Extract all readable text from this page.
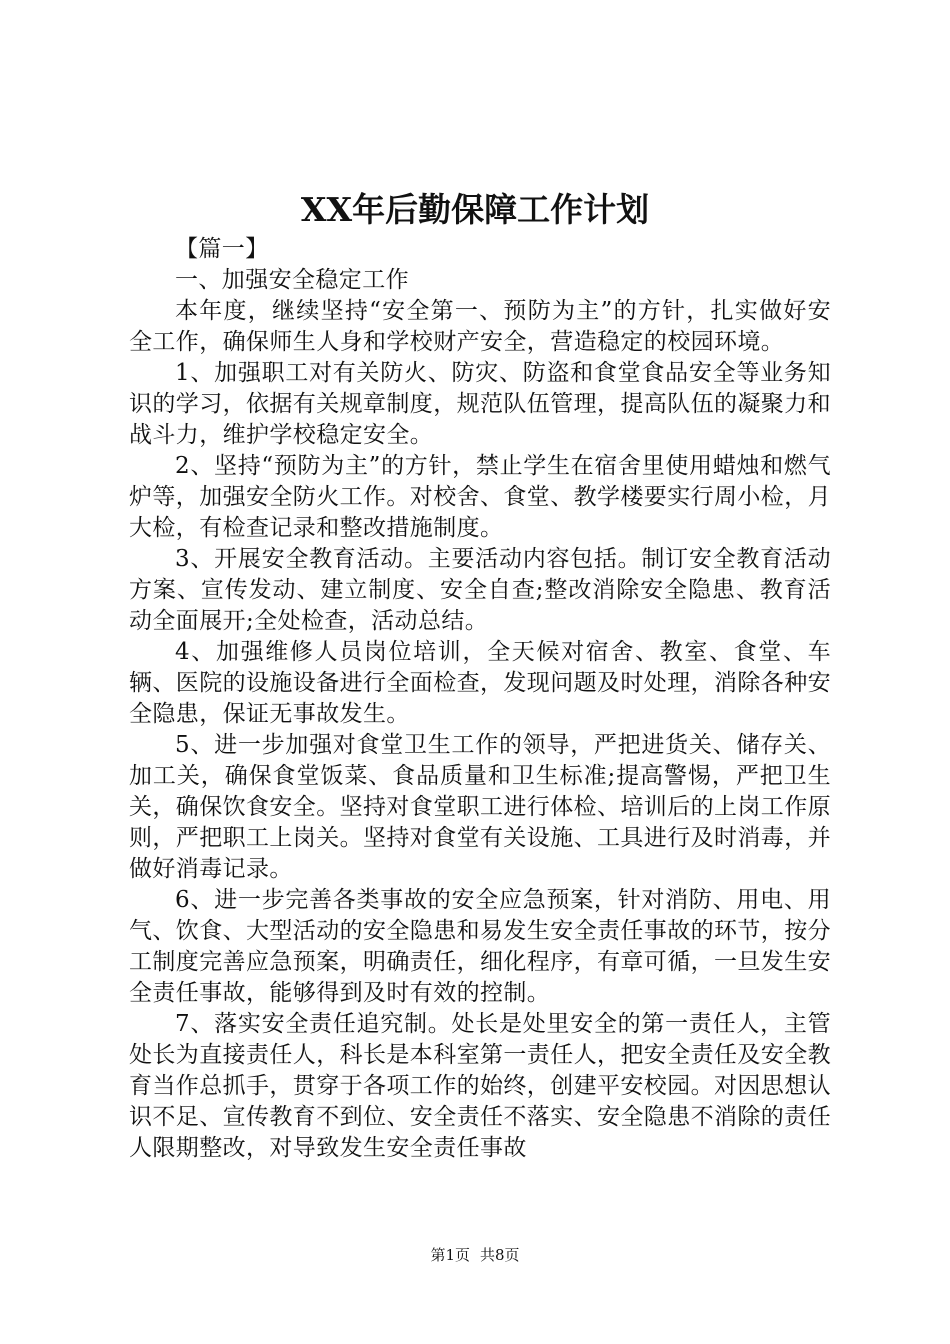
XX年后勤保障工作计划

【篇一】

一、加强安全稳定工作

本年度，继续坚持“安全第一、预防为主”的方针，扎实做好安全工作，确保师生人身和学校财产安全，营造稳定的校园环境。

1、加强职工对有关防火、防灾、防盗和食堂食品安全等业务知识的学习，依据有关规章制度，规范队伍管理，提高队伍的凝聚力和战斗力，维护学校稳定安全。

2、坚持“预防为主”的方针，禁止学生在宿舍里使用蜡烛和燃气炉等，加强安全防火工作。对校舍、食堂、教学楼要实行周小检，月大检，有检查记录和整改措施制度。

3、开展安全教育活动。主要活动内容包括。制订安全教育活动方案、宣传发动、建立制度、安全自查;整改消除安全隐患、教育活动全面展开;全处检查，活动总结。

4、加强维修人员岗位培训，全天候对宿舍、教室、食堂、车辆、医院的设施设备进行全面检查，发现问题及时处理，消除各种安全隐患，保证无事故发生。

5、进一步加强对食堂卫生工作的领导，严把进货关、储存关、加工关，确保食堂饭菜、食品质量和卫生标准;提高警惕，严把卫生关，确保饮食安全。坚持对食堂职工进行体检、培训后的上岗工作原则，严把职工上岗关。坚持对食堂有关设施、工具进行及时消毒，并做好消毒记录。

6、进一步完善各类事故的安全应急预案，针对消防、用电、用气、饮食、大型活动的安全隐患和易发生安全责任事故的环节，按分工制度完善应急预案，明确责任，细化程序，有章可循，一旦发生安全责任事故，能够得到及时有效的控制。

7、落实安全责任追究制。处长是处里安全的第一责任人，主管处长为直接责任人，科长是本科室第一责任人，把安全责任及安全教育当作总抓手，贯穿于各项工作的始终，创建平安校园。对因思想认识不足、宣传教育不到位、安全责任不落实、安全隐患不消除的责任人限期整改，对导致发生安全责任事故

第1页 共8页
